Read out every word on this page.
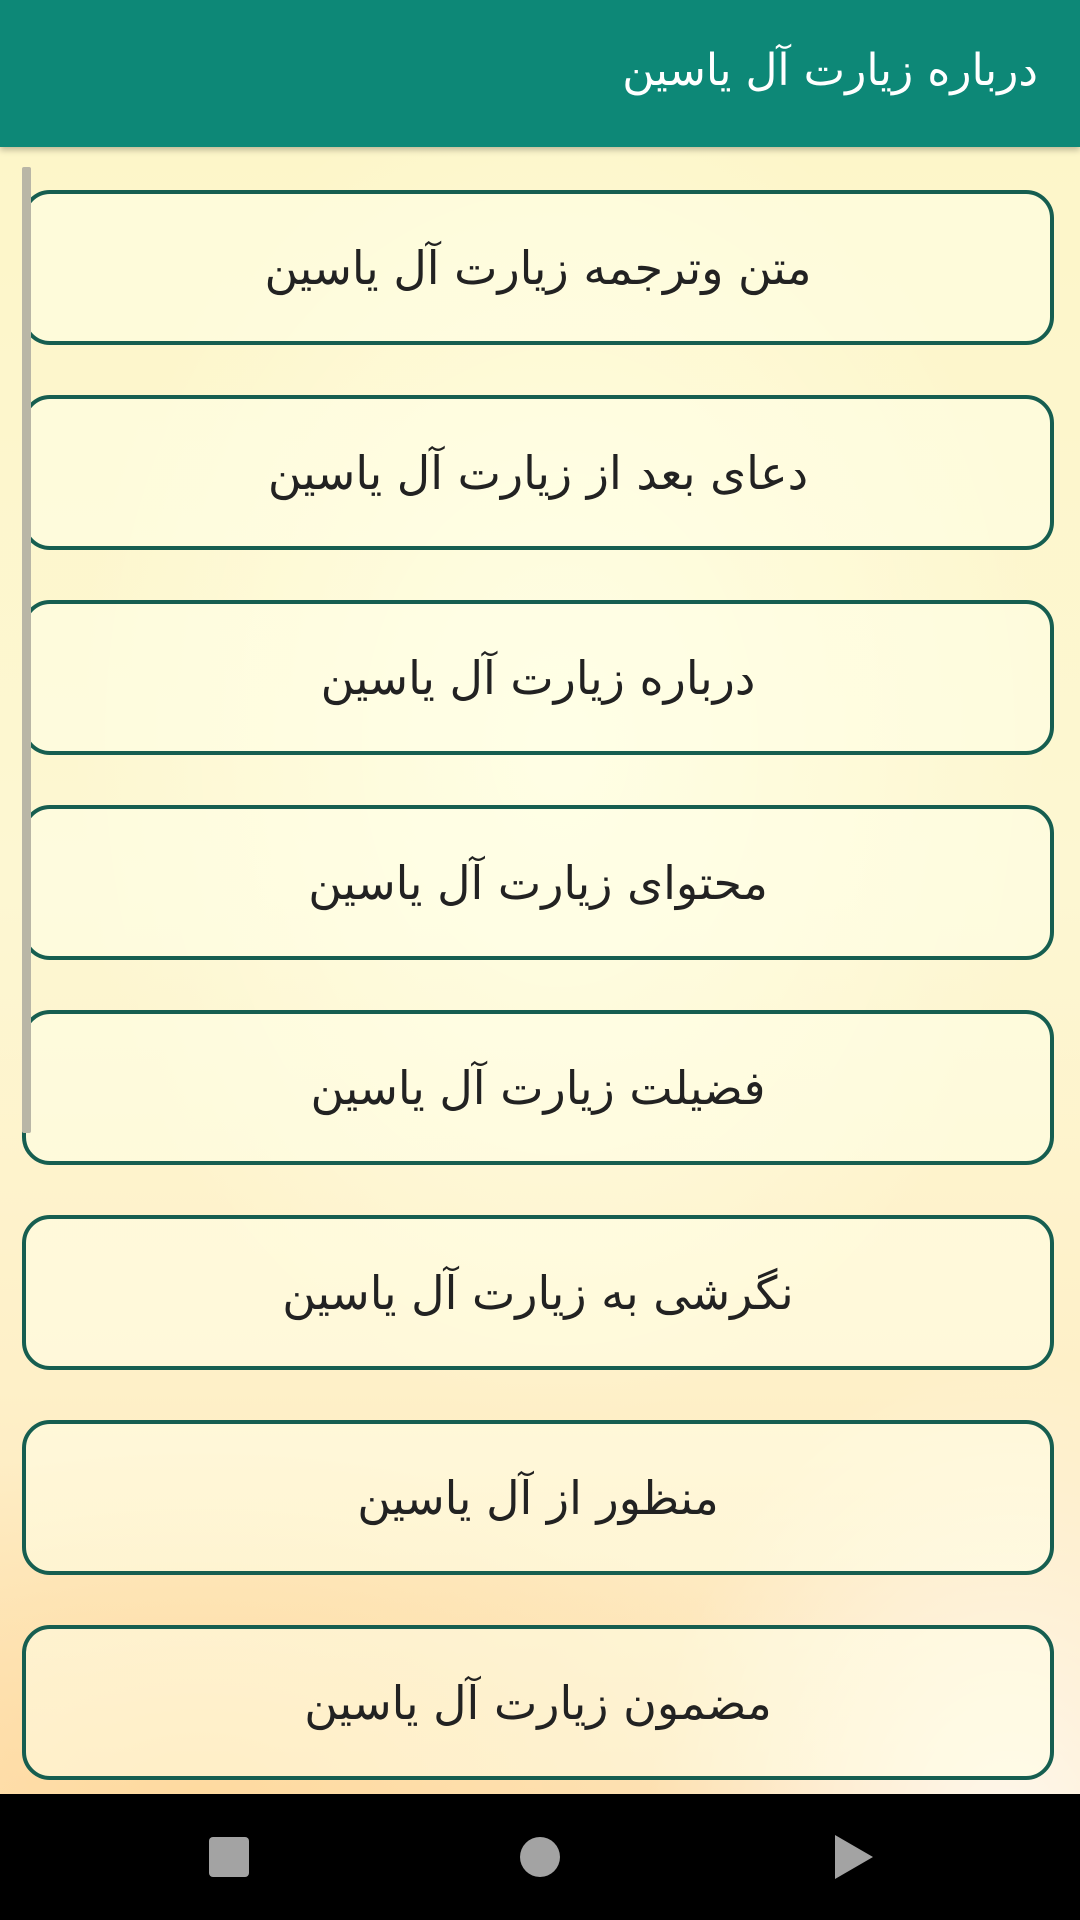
درباره زیارت آل یاسین
متن وترجمه زیارت آل یاسین
دعای بعد از زیارت آل یاسین
درباره زیارت آل یاسین
محتوای زیارت آل یاسین
فضیلت زیارت آل یاسین
نگرشی به زیارت آل یاسین
منظور از آل یاسین
مضمون زیارت آل یاسین
